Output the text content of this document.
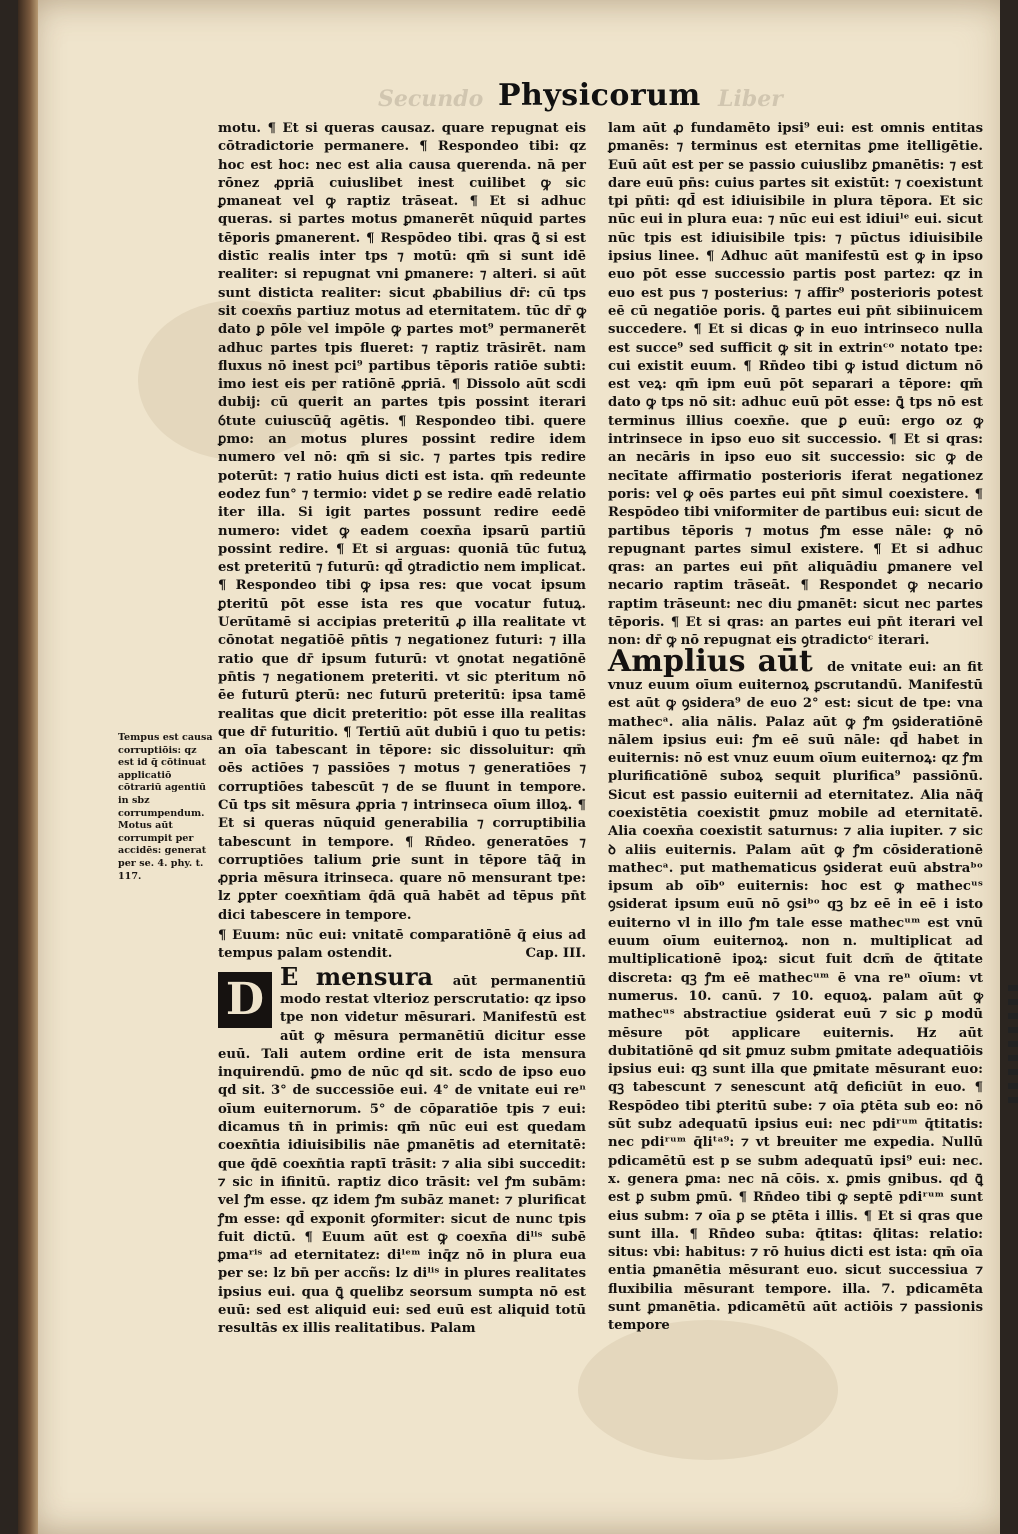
Secundo	Liber
Physicorum
Tempus est causa corruptiōis: qz est id q̄ cōtinuat applicatiō cōtrariū agentiū in sbz corrumpendum. Motus aūt corrumpit per accidēs: generat per se. 4. phy. t. 117.

motu. ¶ Et si queras causaz. quare repugnat eis cōtradictorie permanere. ¶ Respondeo tibi: qz hoc est hoc: nec est alia causa querenda. nā per rōnez ꝓpriā cuiuslibet inest cuilibet ꝙ sic ꝑmaneat vel ꝙ raptiz trāseat. ¶ Et si adhuc queras. si partes motus ꝑmanerēt nūquid partes tēporis ꝑmanerent. ¶ Respōdeo tibi. qras ꝗ̄ si est distīc realis inter tps ⁊ motū: qm̄ si sunt idē realiter: si repugnat vni ꝑmanere: ⁊ alteri. si aūt sunt disticta realiter: sicut ꝓbabilius dr̄: cū tps sit coexn̄s partiuz motus ad eternitatem. tūc dr̄ ꝙ dato ꝑ pōle vel impōle ꝙ partes mot⁹ permanerēt adhuc partes tpis flueret: ⁊ raptiz trāsirēt. nam fluxus nō inest pci⁹ partibus tēporis ratiōe subti: imo iest eis per ratiōnē ꝓpriā. ¶ Dissolo aūt scdi dubij: cū querit an partes tpis possint iterari ỽtute cuiuscūq̄ agētis. ¶ Respondeo tibi. quere ꝑmo: an motus plures possint redire idem numero vel nō: qm̄ si sic. ⁊ partes tpis redire poterūt: ⁊ ratio huius dicti est ista. qm̄ redeunte eodez fun° ⁊ termio: videt ꝑ se redire eadē relatio iter illa. Si igit partes possunt redire eedē numero: videt ꝙ eadem coexn̄a ipsarū partiū possint redire. ¶ Et si arguas: quoniā tūc futuꝝ est preteritū ⁊ futurū: qd̄ ꝯtradictio nem implicat. ¶ Respondeo tibi ꝙ ipsa res: que vocat ipsum ꝑteritū pōt esse ista res que vocatur futuꝝ. Uerūtamē si accipias preteritū ꝓ illa realitate vt cōnotat negatiōē pn̄tis ⁊ negationez futuri: ⁊ illa ratio que dr̄ ipsum futurū: vt ꝯnotat negatiōnē pn̄tis ⁊ negationem preteriti. vt sic pteritum nō ēe futurū ꝑterū: nec futurū preteritū: ipsa tamē realitas que dicit preteritio: pōt esse illa realitas que dr̄ futuritio. ¶ Tertiū aūt dubiū i quo tu petis: an oīa tabescant in tēpore: sic dissoluitur: qm̄ oēs actiōes ⁊ passiōes ⁊ motus ⁊ generatiōes ⁊ corruptiōes tabescūt ⁊ de se fluunt in tempore. Cū tps sit mēsura ꝓpria ⁊ intrinseca oīum illoꝝ. ¶ Et si queras nūquid generabilia ⁊ corruptibilia tabescunt in tempore. ¶ Rn̄deo. generatōes ⁊ corruptiōes talium ꝑrie sunt in tēpore tāq̄ in ꝓpria mēsura itrinseca. quare nō mensurant tpe: lz ꝑpter coexn̄tiam q̄dā quā habēt ad tēpus pn̄t dici tabescere in tempore.

¶ Euum: nūc eui: vnitatē comparatiōnē q̄ eius ad tempus palam ostendit.	Cap. III.

D E mensura aūt permanentiū modo restat vlterioz perscrutatio: qz ipso tpe non videtur mēsurari. Manifestū est aūt ꝙ mēsura permanētiū dicitur esse euū. Tali autem ordine erit de ista mensura inquirendū. ꝑmo de nūc qd sit. scdo de ipso euo qd sit. 3° de successiōe eui. 4° de vnitate eui reⁿ oīum euiternorum. 5° de cōparatiōe tpis ⁊ eui: dicamus tn̄ in primis: qm̄ nūc eui est quedam coexn̄tia idiuisibilis nāe ꝑmanētis ad eternitatē: que q̄dē coexn̄tia raptī trāsit: ⁊ alia sibi succedit: ⁊ sic in ifinitū. raptiz dico trāsit: vel ꝭm subām: vel ꝭm esse. qz idem ꝭm subāz manet: ⁊ plurificat ꝭm esse: qd̄ exponit ꝯformiter: sicut de nunc tpis fuit dictū. ¶ Euum aūt est ꝙ coexn̄a diˡⁱˢ subē ꝑmaʳⁱˢ ad eternitatez: diˡᵉᵐ inq̄z nō in plura eua per se: lz bn̄ per accñs: lz diˡⁱˢ in plures realitates ipsius eui. qua ꝗ̄ quelibz seorsum sumpta nō est euū: sed est aliquid eui: sed euū est aliquid totū resultās ex illis realitatibus. Palam

lam aūt ꝓ fundamēto ipsi⁹ eui: est omnis entitas ꝑmanēs: ⁊ terminus est eternitas ꝑme itelligētie. Euū aūt est per se passio cuiuslibz ꝑmanētis: ⁊ est dare euū pn̄s: cuius partes sit existūt: ⁊ coexistunt tpi pn̄ti: qd̄ est idiuisibile in plura tēpora. Et sic nūc eui in plura eua: ⁊ nūc eui est idiuiˡᵉ eui. sicut nūc tpis est idiuisibile tpis: ⁊ pūctus idiuisibile ipsius linee. ¶ Adhuc aūt manifestū est ꝙ in ipso euo pōt esse successio partis post partez: qz in euo est pus ⁊ posterius: ⁊ affir⁹ posterioris potest eē cū negatiōe poris. ꝗ̄ partes eui pn̄t sibiinuicem succedere. ¶ Et si dicas ꝙ in euo intrinseco nulla est succe⁹ sed sufficit ꝙ sit in extrinᶜᵒ notato tpe: cui existit euum. ¶ Rn̄deo tibi ꝙ istud dictum nō est veꝝ: qm̄ ipm euū pōt separari a tēpore: qm̄ dato ꝙ tps nō sit: adhuc euū pōt esse: ꝗ̄ tps nō est terminus illius coexn̄e. que ꝑ euū: ergo oz ꝙ intrinsece in ipso euo sit successio. ¶ Et si qras: an necāris in ipso euo sit successio: sic ꝙ de necītate affirmatio posterioris iferat negationez poris: vel ꝙ oēs partes eui pn̄t simul coexistere. ¶ Respōdeo tibi vniformiter de partibus eui: sicut de partibus tēporis ⁊ motus ꝭm esse nāle: ꝙ nō repugnant partes simul existere. ¶ Et si adhuc qras: an partes eui pn̄t aliquādiu ꝑmanere vel necario raptim trāseāt. ¶ Respondet ꝙ necario raptim trāseunt: nec diu ꝑmanēt: sicut nec partes tēporis. ¶ Et si qras: an partes eui pn̄t iterari vel non: dr̄ ꝙ nō repugnat eis ꝯtradictoᶜ iterari.

Amplius aūt de vnitate eui: an fit vnuz euum oīum euiternoꝝ ꝑscrutandū. Manifestū est aūt ꝙ ꝯsidera⁹ de euo 2° est: sicut de tpe: vna mathecᵃ. alia nālis. Palaz aūt ꝙ ꝭm ꝯsideratiōnē nālem ipsius eui: ꝭm eē suū nāle: qd̄ habet in euiternis: nō est vnuz euum oīum euiternoꝝ: qz ꝭm plurificatiōnē suboꝝ sequit plurifica⁹ passiōnū. Sicut est passio euiternii ad eternitatez. Alia nāq̄ coexistētia coexistit ꝑmuz mobile ad eternitatē. Alia coexn̄a coexistit saturnus: ⁊ alia iupiter. ⁊ sic ꝺ aliis euiternis. Palam aūt ꝙ ꝭm cōsiderationē mathecᵃ. put mathematicus ꝯsiderat euū abstraᵇᵒ ipsum ab oībᵒ euiternis: hoc est ꝙ mathecᵘˢ ꝯsiderat ipsum euū nō ꝯsiᵇᵒ qꝫ bz eē in eē i isto euiterno vl in illo ꝭm tale esse mathecᵘᵐ est vnū euum oīum euiternoꝝ. non n. multiplicat ad multiplicationē ipoꝝ: sicut fuit dcm̄ de q̄titate discreta: qꝫ ꝭm eē mathecᵘᵐ ē vna reⁿ oīum: vt numerus. 10. canū. ⁊ 10. equoꝝ. palam aūt ꝙ mathecᵘˢ abstractiue ꝯsiderat euū ⁊ sic ꝑ modū mēsure pōt applicare euiternis. Hz aūt dubitatiōnē qd sit ꝑmuz subm ꝑmitate adequatiōis ipsius eui: qꝫ sunt illa que ꝑmitate mēsurant euo: qꝫ tabescunt ⁊ senescunt atq̄ deficiūt in euo. ¶ Respōdeo tibi ꝑteritū sube: ⁊ oīa ꝑtēta sub eo: nō sūt subz adequatū ipsius eui: nec pdiʳᵘᵐ q̄titatis: nec pdiʳᵘᵐ q̄liᵗᵃ⁹: ⁊ vt breuiter me expedia. Nullū pdicamētū est p se subm adequatū ipsi⁹ eui: nec. x. genera ꝑma: nec nā cōis. x. ꝑmis gnibus. qd ꝗ̄ est ꝑ subm ꝑmū. ¶ Rn̄deo tibi ꝙ septē pdiʳᵘᵐ sunt eius subm: ⁊ oīa ꝑ se ꝑtēta i illis. ¶ Et si qras que sunt illa. ¶ Rn̄deo suba: q̄titas: q̄litas: relatio: situs: vbi: habitus: ⁊ rō huius dicti est ista: qm̄ oīa entia ꝑmanētia mēsurant euo. sicut successiua ⁊ fluxibilia mēsurant tempore. illa. 7. pdicamēta sunt ꝑmanētia. pdicamētū aūt actiōis ⁊ passionis tempore
